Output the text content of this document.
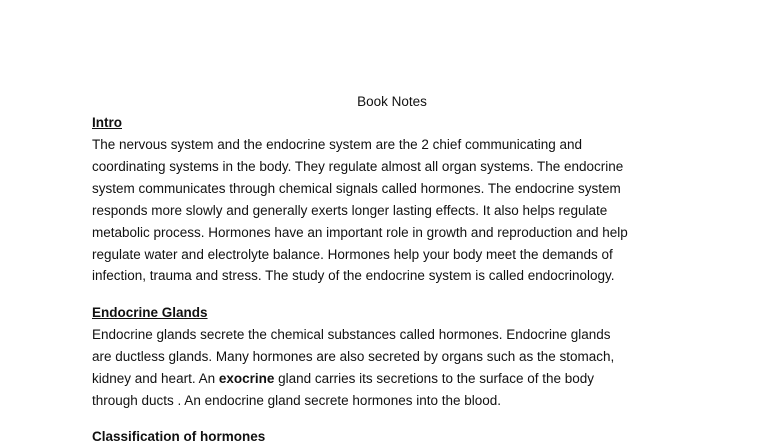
Book Notes
Intro

The nervous system and the endocrine system are the 2 chief communicating and
coordinating systems in the body. They regulate almost all organ systems. The endocrine
system communicates through chemical signals called hormones. The endocrine system
responds more slowly and generally exerts longer lasting effects. It also helps regulate
metabolic process. Hormones have an important role in growth and reproduction and help
regulate water and electrolyte balance. Hormones help your body meet the demands of
infection, trauma and stress. The study of the endocrine system is called endocrinology.

Endocrine Glands

Endocrine glands secrete the chemical substances called hormones. Endocrine glands
are ductless glands. Many hormones are also secreted by organs such as the stomach,
kidney and heart. An exocrine gland carries its secretions to the surface of the body
through ducts . An endocrine gland secrete hormones into the blood.

Classification of hormones
